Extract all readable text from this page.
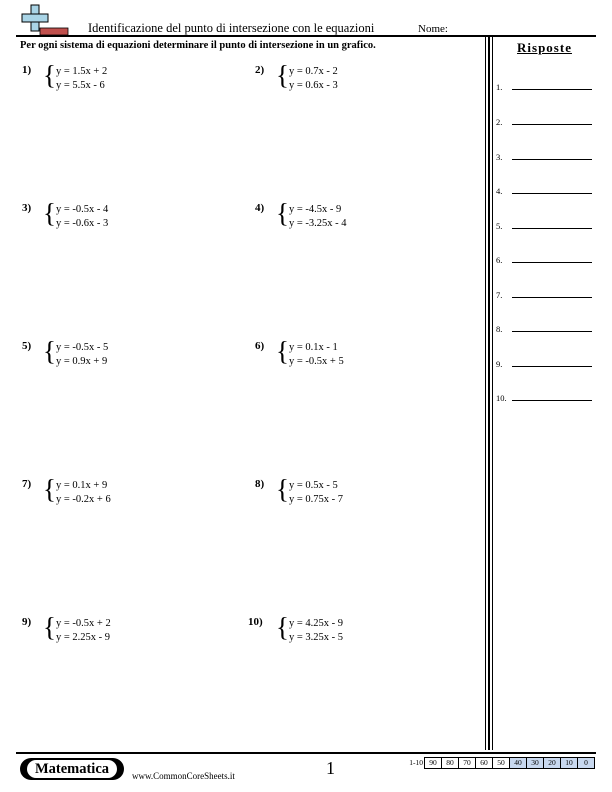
Identificazione del punto di intersezione con le equazioni	Nome:
Per ogni sistema di equazioni determinare il punto di intersezione in un grafico.
1) { y = 1.5x + 2
y = 5.5x - 6
2) { y = 0.7x - 2
y = 0.6x - 3
3) { y = -0.5x - 4
y = -0.6x - 3
4) { y = -4.5x - 9
y = -3.25x - 4
5) { y = -0.5x - 5
y = 0.9x + 9
6) { y = 0.1x - 1
y = -0.5x + 5
7) { y = 0.1x + 9
y = -0.2x + 6
8) { y = 0.5x - 5
y = 0.75x - 7
9) { y = -0.5x + 2
y = 2.25x - 9
10) { y = 4.25x - 9
y = 3.25x - 5
Risposte
1.
2.
3.
4.
5.
6.
7.
8.
9.
10.
Matematica	www.CommonCoreSheets.it	1	1-10 90	80	70	60	50	40	30	20	10	0
